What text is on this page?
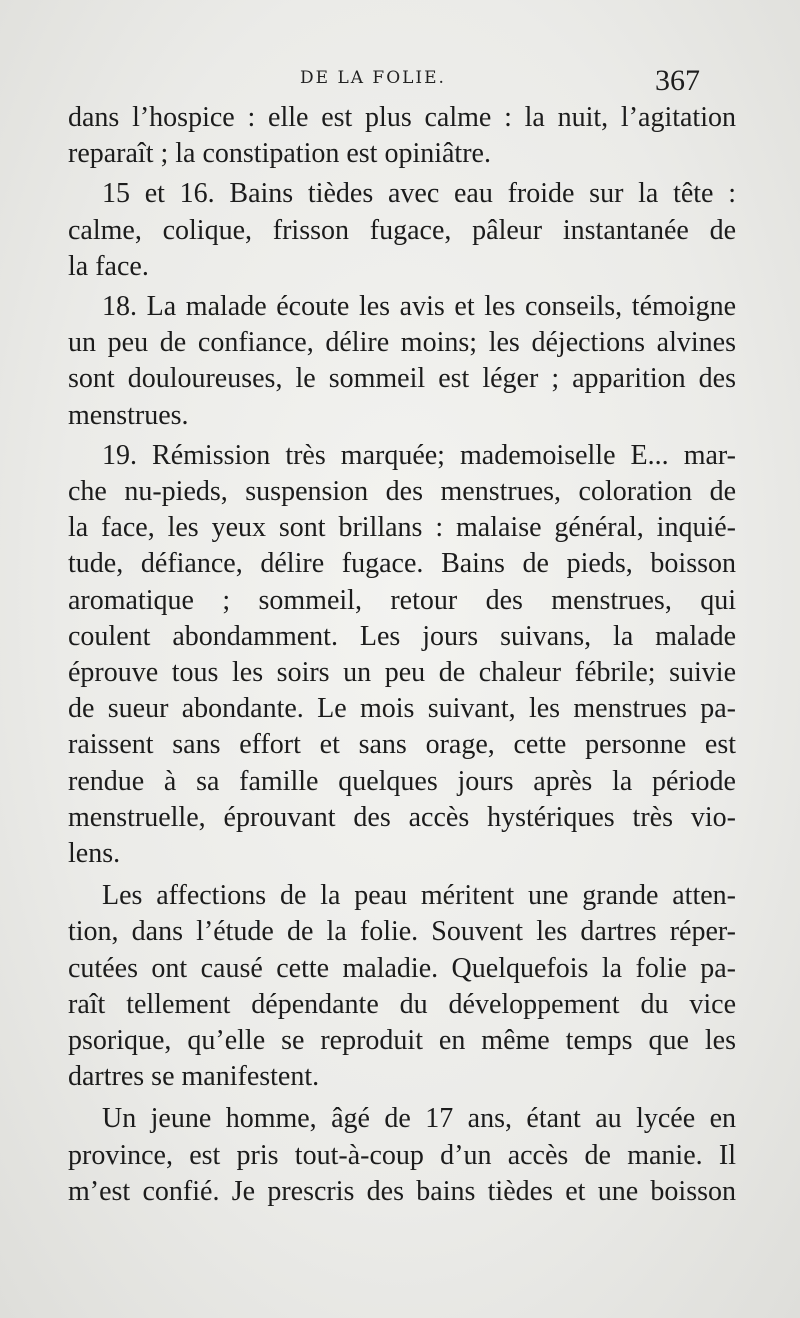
DE LA FOLIE.	367
dans l’hospice : elle est plus calme : la nuit, l’agitation
reparaît ; la constipation est opiniâtre.
15 et 16. Bains tièdes avec eau froide sur la tête :
calme, colique, frisson fugace, pâleur instantanée de
la face.
18. La malade écoute les avis et les conseils, témoigne
un peu de confiance, délire moins; les déjections alvines
sont douloureuses, le sommeil est léger ; apparition des
menstrues.
19. Rémission très marquée; mademoiselle E... mar-
che nu-pieds, suspension des menstrues, coloration de
la face, les yeux sont brillans : malaise général, inquié-
tude, défiance, délire fugace. Bains de pieds, boisson
aromatique ; sommeil, retour des menstrues, qui
coulent abondamment. Les jours suivans, la malade
éprouve tous les soirs un peu de chaleur fébrile; suivie
de sueur abondante. Le mois suivant, les menstrues pa-
raissent sans effort et sans orage, cette personne est
rendue à sa famille quelques jours après la période
menstruelle, éprouvant des accès hystériques très vio-
lens.
Les affections de la peau méritent une grande atten-
tion, dans l’étude de la folie. Souvent les dartres réper-
cutées ont causé cette maladie. Quelquefois la folie pa-
raît tellement dépendante du développement du vice
psorique, qu’elle se reproduit en même temps que les
dartres se manifestent.
Un jeune homme, âgé de 17 ans, étant au lycée en
province, est pris tout-à-coup d’un accès de manie. Il
m’est confié. Je prescris des bains tièdes et une boisson
